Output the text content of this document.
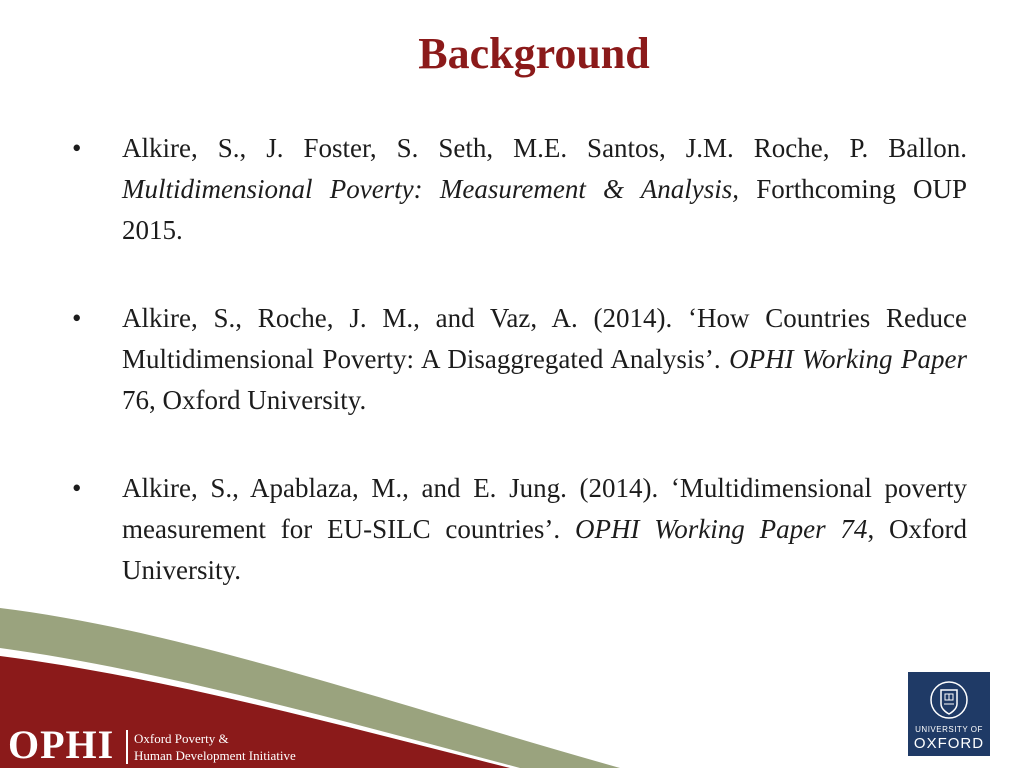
Background
• Alkire, S., J. Foster, S. Seth, M.E. Santos, J.M. Roche, P. Ballon. Multidimensional Poverty: Measurement & Analysis, Forthcoming OUP 2015.
• Alkire, S., Roche, J. M., and Vaz, A. (2014). ‘How Countries Reduce Multidimensional Poverty: A Disaggregated Analysis’. OPHI Working Paper 76, Oxford University.
• Alkire, S., Apablaza, M., and E. Jung. (2014). ‘Multidimensional poverty measurement for EU-SILC countries’. OPHI Working Paper 74, Oxford University.
OPHI Oxford Poverty &
Human Development Initiative
UNIVERSITY OF
OXFORD
